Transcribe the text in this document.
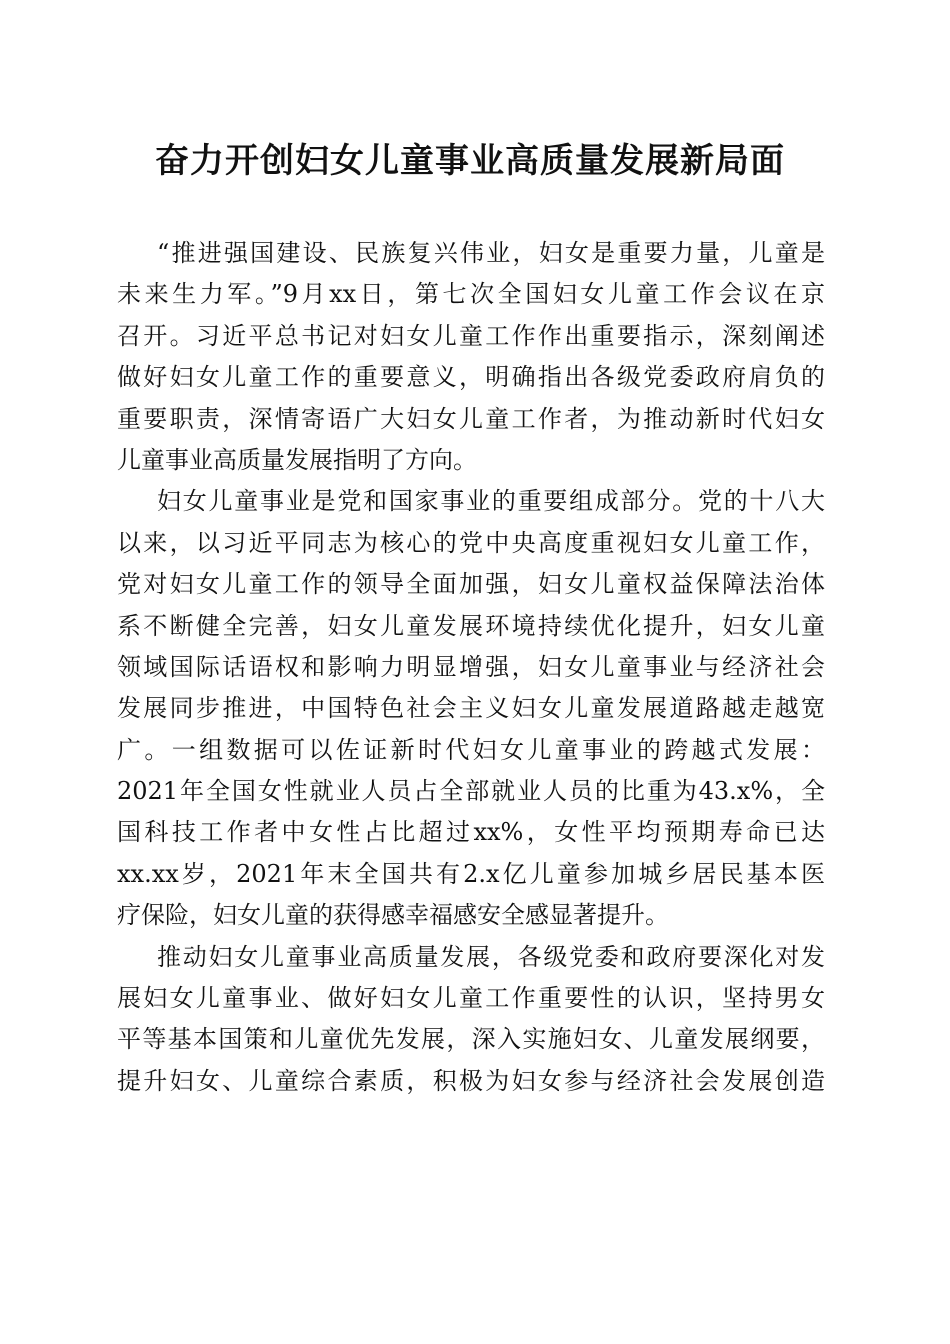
奋力开创妇女儿童事业高质量发展新局面
“推进强国建设、民族复兴伟业，妇女是重要力量，儿童是
未来生力军。”9月xx日，第七次全国妇女儿童工作会议在京
召开。习近平总书记对妇女儿童工作作出重要指示，深刻阐述
做好妇女儿童工作的重要意义，明确指出各级党委政府肩负的
重要职责，深情寄语广大妇女儿童工作者，为推动新时代妇女
儿童事业高质量发展指明了方向。
妇女儿童事业是党和国家事业的重要组成部分。党的十八大
以来，以习近平同志为核心的党中央高度重视妇女儿童工作，
党对妇女儿童工作的领导全面加强，妇女儿童权益保障法治体
系不断健全完善，妇女儿童发展环境持续优化提升，妇女儿童
领域国际话语权和影响力明显增强，妇女儿童事业与经济社会
发展同步推进，中国特色社会主义妇女儿童发展道路越走越宽
广。一组数据可以佐证新时代妇女儿童事业的跨越式发展：
2021年全国女性就业人员占全部就业人员的比重为43.x%，全
国科技工作者中女性占比超过xx%，女性平均预期寿命已达
xx.xx岁，2021年末全国共有2.x亿儿童参加城乡居民基本医
疗保险，妇女儿童的获得感幸福感安全感显著提升。
推动妇女儿童事业高质量发展，各级党委和政府要深化对发
展妇女儿童事业、做好妇女儿童工作重要性的认识，坚持男女
平等基本国策和儿童优先发展，深入实施妇女、儿童发展纲要，
提升妇女、儿童综合素质，积极为妇女参与经济社会发展创造
